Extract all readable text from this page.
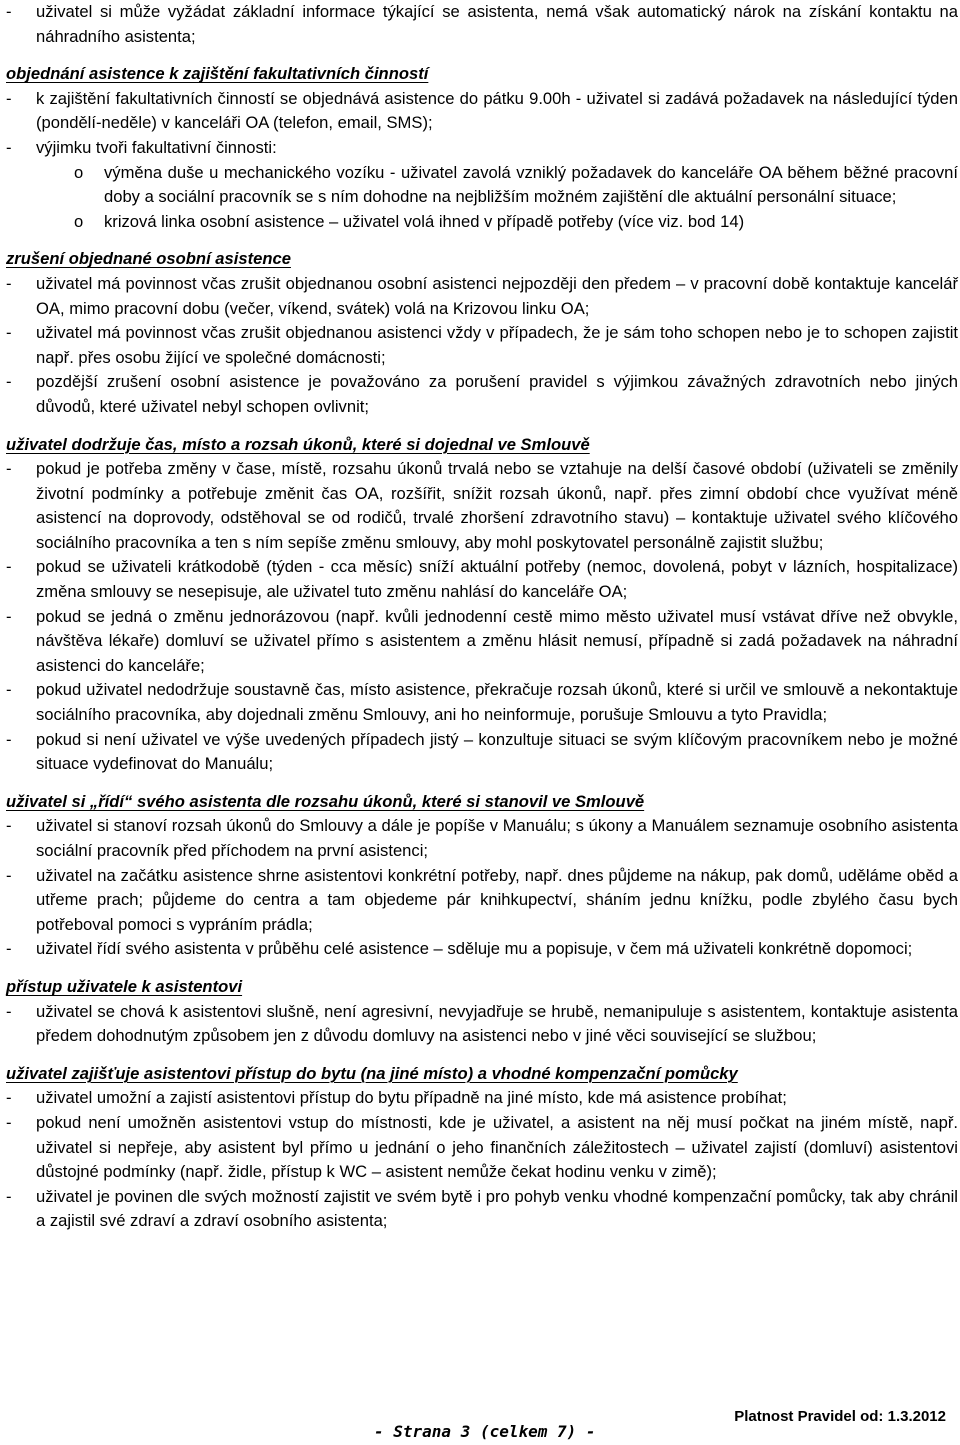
- uživatel si může vyžádat základní informace týkající se asistenta, nemá však automatický nárok na získání kontaktu na náhradního asistenta;
objednání asistence k zajištění fakultativních činností
- k zajištění fakultativních činností se objednává asistence do pátku 9.00h - uživatel si zadává požadavek na následující týden (pondělí-neděle) v kanceláři OA (telefon, email, SMS);
- výjimku tvoři fakultativní činnosti:
o výměna duše u mechanického vozíku - uživatel zavolá vzniklý požadavek do kanceláře OA během běžné pracovní doby a sociální pracovník se s ním dohodne na nejbližším možném zajištění dle aktuální personální situace;
o krizová linka osobní asistence – uživatel volá ihned v případě potřeby (více viz. bod 14)
zrušení objednané osobní asistence
- uživatel má povinnost včas zrušit objednanou osobní asistenci nejpozději den předem – v pracovní době kontaktuje kancelář OA, mimo pracovní dobu (večer, víkend, svátek) volá na Krizovou linku OA;
- uživatel má povinnost včas zrušit objednanou asistenci vždy v případech, že je sám toho schopen nebo je to schopen zajistit např. přes osobu žijící ve společné domácnosti;
- pozdější zrušení osobní asistence je považováno za porušení pravidel s výjimkou závažných zdravotních nebo jiných důvodů, které uživatel nebyl schopen ovlivnit;
uživatel dodržuje čas, místo a rozsah úkonů, které si dojednal ve Smlouvě
- pokud je potřeba změny v čase, místě, rozsahu úkonů trvalá nebo se vztahuje na delší časové období (uživateli se změnily životní podmínky a potřebuje změnit čas OA, rozšířit, snížit rozsah úkonů, např. přes zimní období chce využívat méně asistencí na doprovody, odstěhoval se od rodičů, trvalé zhoršení zdravotního stavu) – kontaktuje uživatel svého klíčového sociálního pracovníka a ten s ním sepíše změnu smlouvy, aby mohl poskytovatel personálně zajistit službu;
- pokud se uživateli krátkodobě (týden - cca měsíc) sníží aktuální potřeby (nemoc, dovolená, pobyt v lázních, hospitalizace) změna smlouvy se nesepisuje, ale uživatel tuto změnu nahlásí do kanceláře OA;
- pokud se jedná o změnu jednorázovou (např. kvůli jednodenní cestě mimo město uživatel musí vstávat dříve než obvykle, návštěva lékaře) domluví se uživatel přímo s asistentem a změnu hlásit nemusí, případně si zadá požadavek na náhradní asistenci do kanceláře;
- pokud uživatel nedodržuje soustavně čas, místo asistence, překračuje rozsah úkonů, které si určil ve smlouvě a nekontaktuje sociálního pracovníka, aby dojednali změnu Smlouvy, ani ho neinformuje, porušuje Smlouvu a tyto Pravidla;
- pokud si není uživatel ve výše uvedených případech jistý – konzultuje situaci se svým klíčovým pracovníkem nebo je možné situace vydefinovat do Manuálu;
uživatel si „řídí“ svého asistenta dle rozsahu úkonů, které si stanovil ve Smlouvě
- uživatel si stanoví rozsah úkonů do Smlouvy a dále je popíše v Manuálu; s úkony a Manuálem seznamuje osobního asistenta sociální pracovník před příchodem na první asistenci;
- uživatel na začátku asistence shrne asistentovi konkrétní potřeby, např. dnes půjdeme na nákup, pak domů, uděláme oběd a utřeme prach; půjdeme do centra a tam objedeme pár knihkupectví, sháním jednu knížku, podle zbylého času bych potřeboval pomoci s vypráním prádla;
- uživatel řídí svého asistenta v průběhu celé asistence – sděluje mu a popisuje, v čem má uživateli konkrétně dopomoci;
přístup uživatele k asistentovi
- uživatel se chová k asistentovi slušně, není agresivní, nevyjadřuje se hrubě, nemanipuluje s asistentem, kontaktuje asistenta předem dohodnutým způsobem jen z důvodu domluvy na asistenci nebo v jiné věci související se službou;
uživatel zajišťuje asistentovi přístup do bytu (na jiné místo) a vhodné kompenzační pomůcky
- uživatel umožní a zajistí asistentovi přístup do bytu případně na jiné místo, kde má asistence probíhat;
- pokud není umožněn asistentovi vstup do místnosti, kde je uživatel, a asistent na něj musí počkat na jiném místě, např. uživatel si nepřeje, aby asistent byl přímo u jednání o jeho finančních záležitostech – uživatel zajistí (domluví) asistentovi důstojné podmínky (např. židle, přístup k WC – asistent nemůže čekat hodinu venku v zimě);
- uživatel je povinen dle svých možností zajistit ve svém bytě i pro pohyb venku vhodné kompenzační pomůcky, tak aby chránil a zajistil své zdraví a zdraví osobního asistenta;
Platnost Pravidel od: 1.3.2012
- Strana 3 (celkem 7) -
